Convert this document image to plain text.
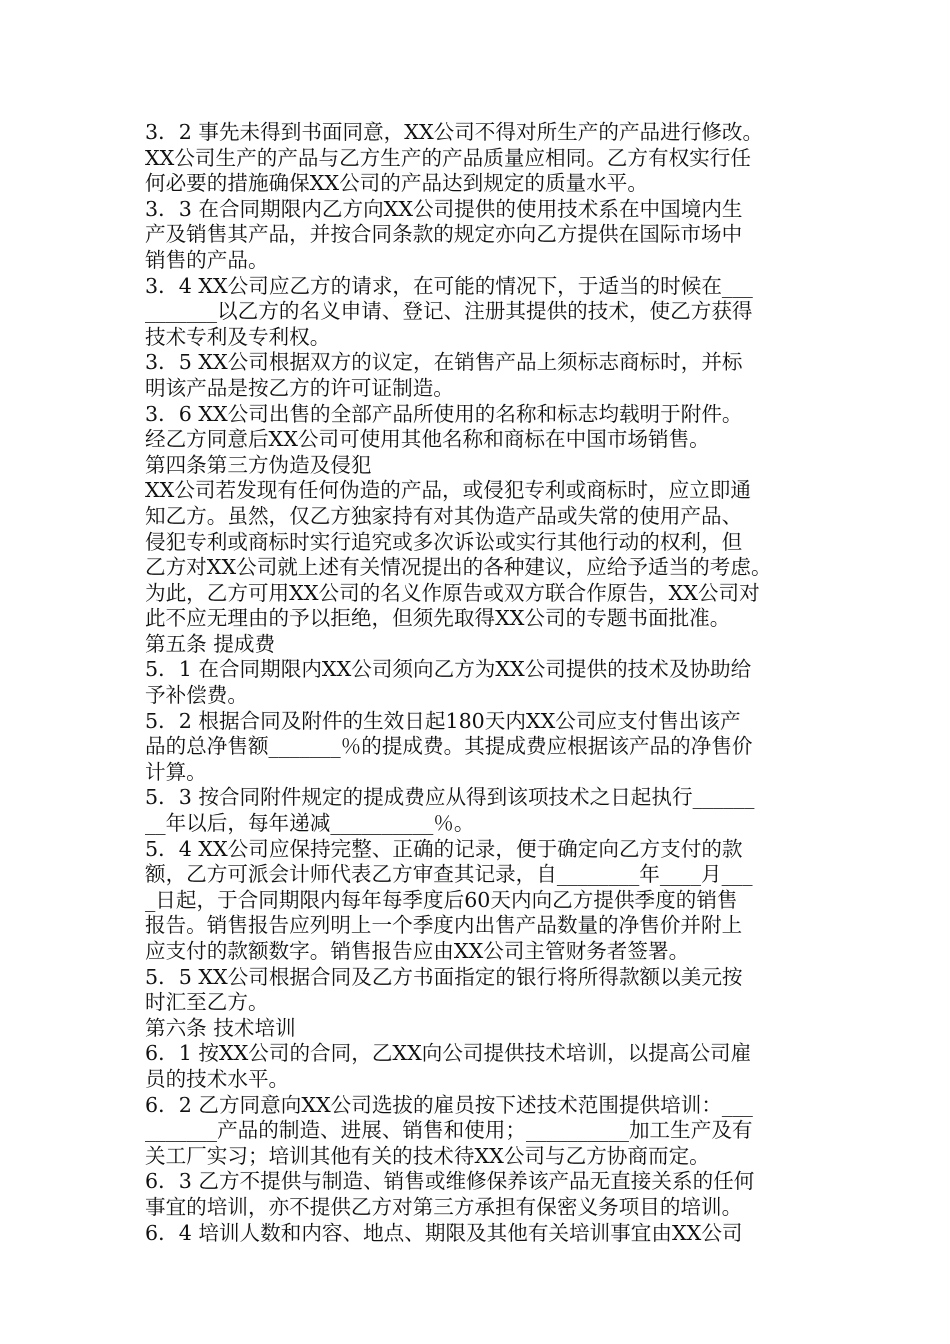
3．2 事先未得到书面同意，XX公司不得对所生产的产品进行修改。
XX公司生产的产品与乙方生产的产品质量应相同。乙方有权实行任
何必要的措施确保XX公司的产品达到规定的质量水平。
3．3 在合同期限内乙方向XX公司提供的使用技术系在中国境内生
产及销售其产品，并按合同条款的规定亦向乙方提供在国际市场中
销售的产品。
3．4 XX公司应乙方的请求，在可能的情况下，于适当的时候在___
_______以乙方的名义申请、登记、注册其提供的技术，使乙方获得
技术专利及专利权。
3．5 XX公司根据双方的议定，在销售产品上须标志商标时，并标
明该产品是按乙方的许可证制造。
3．6 XX公司出售的全部产品所使用的名称和标志均载明于附件。
经乙方同意后XX公司可使用其他名称和商标在中国市场销售。
第四条第三方伪造及侵犯
XX公司若发现有任何伪造的产品，或侵犯专利或商标时，应立即通
知乙方。虽然，仅乙方独家持有对其伪造产品或失常的使用产品、
侵犯专利或商标时实行追究或多次诉讼或实行其他行动的权利，但
乙方对XX公司就上述有关情况提出的各种建议，应给予适当的考虑。
为此，乙方可用XX公司的名义作原告或双方联合作原告，XX公司对
此不应无理由的予以拒绝，但须先取得XX公司的专题书面批准。
第五条 提成费
5．1 在合同期限内XX公司须向乙方为XX公司提供的技术及协助给
予补偿费。
5．2 根据合同及附件的生效日起180天内XX公司应支付售出该产
品的总净售额_______％的提成费。其提成费应根据该产品的净售价
计算。
5．3 按合同附件规定的提成费应从得到该项技术之日起执行______
__年以后，每年递减__________％。
5．4 XX公司应保持完整、正确的记录，便于确定向乙方支付的款
额，乙方可派会计师代表乙方审查其记录，自________年____月___
_日起，于合同期限内每年每季度后60天内向乙方提供季度的销售
报告。销售报告应列明上一个季度内出售产品数量的净售价并附上
应支付的款额数字。销售报告应由XX公司主管财务者签署。
5．5 XX公司根据合同及乙方书面指定的银行将所得款额以美元按
时汇至乙方。
第六条 技术培训
6．1 按XX公司的合同，乙XX向公司提供技术培训，以提高公司雇
员的技术水平。
6．2 乙方同意向XX公司选拔的雇员按下述技术范围提供培训：___
_______产品的制造、进展、销售和使用；__________加工生产及有
关工厂实习；培训其他有关的技术待XX公司与乙方协商而定。
6．3 乙方不提供与制造、销售或维修保养该产品无直接关系的任何
事宜的培训，亦不提供乙方对第三方承担有保密义务项目的培训。
6．4 培训人数和内容、地点、期限及其他有关培训事宜由XX公司
